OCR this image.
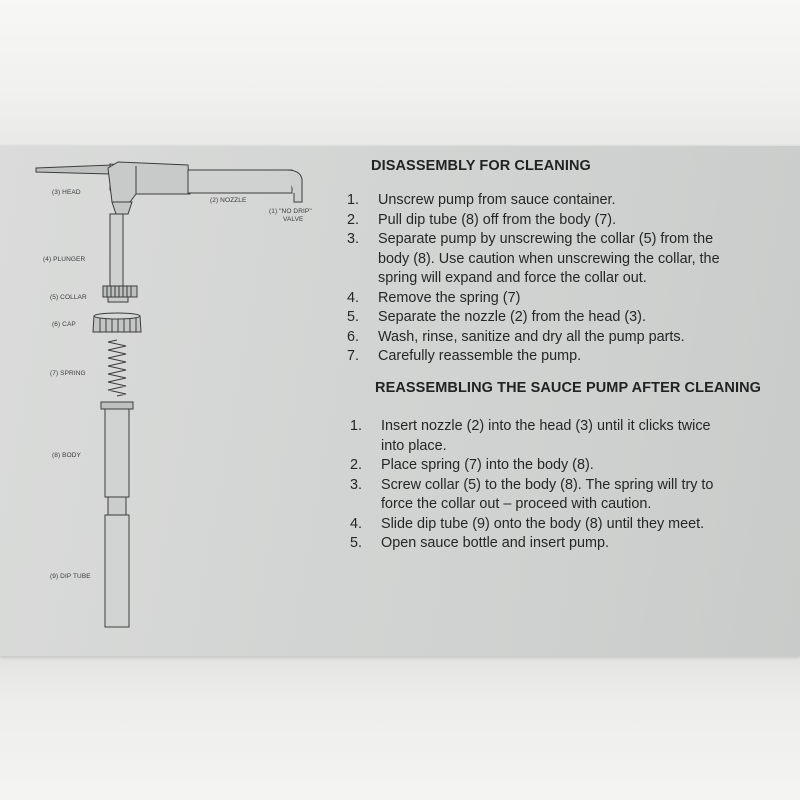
(3) HEAD
(2) NOZZLE
(1) "NO DRIP"
VALVE
(4) PLUNGER
(5) COLLAR
(6) CAP
(7) SPRING
(8) BODY
(9) DIP TUBE
DISASSEMBLY FOR CLEANING
1. Unscrew pump from sauce container.
2. Pull dip tube (8) off from the body (7).
3. Separate pump by unscrewing the collar (5) from the
body (8). Use caution when unscrewing the collar, the
spring will expand and force the collar out.
4. Remove the spring (7)
5. Separate the nozzle (2) from the head (3).
6. Wash, rinse, sanitize and dry all the pump parts.
7. Carefully reassemble the pump.
REASSEMBLING THE SAUCE PUMP AFTER CLEANING
1. Insert nozzle (2) into the head (3) until it clicks twice
into place.
2. Place spring (7) into the body (8).
3. Screw collar (5) to the body (8). The spring will try to
force the collar out – proceed with caution.
4. Slide dip tube (9) onto the body (8) until they meet.
5. Open sauce bottle and insert pump.
